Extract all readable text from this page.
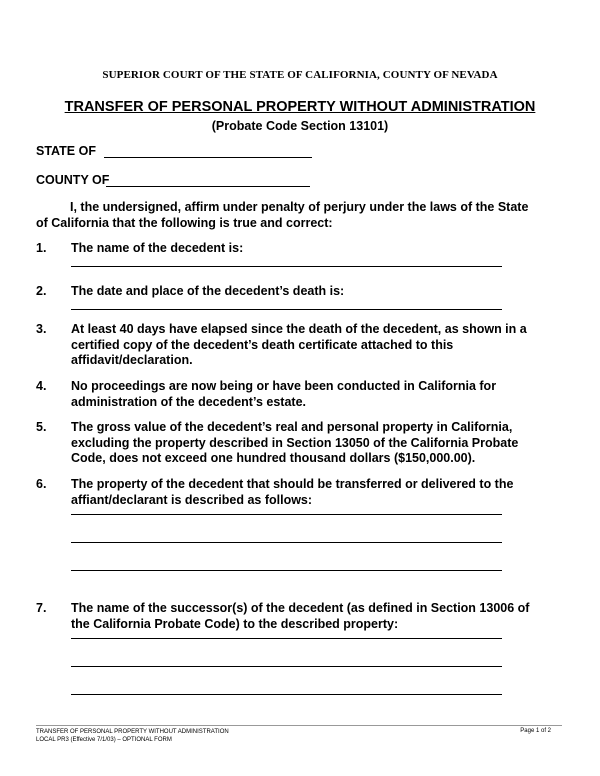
SUPERIOR COURT OF THE STATE OF CALIFORNIA, COUNTY OF NEVADA
TRANSFER OF PERSONAL PROPERTY WITHOUT ADMINISTRATION
(Probate Code Section 13101)
STATE OF
COUNTY OF
I, the undersigned, affirm under penalty of perjury under the laws of the State of California that the following is true and correct:
1. The name of the decedent is:
2. The date and place of the decedent’s death is:
3. At least 40 days have elapsed since the death of the decedent, as shown in a certified copy of the decedent’s death certificate attached to this affidavit/declaration.
4. No proceedings are now being or have been conducted in California for administration of the decedent’s estate.
5. The gross value of the decedent’s real and personal property in California, excluding the property described in Section 13050 of the California Probate Code, does not exceed one hundred thousand dollars ($150,000.00).
6. The property of the decedent that should be transferred or delivered to the affiant/declarant is described as follows:
7. The name of the successor(s) of the decedent (as defined in Section 13006 of the California Probate Code) to the described property:
TRANSFER OF PERSONAL PROPERTY WITHOUT ADMINISTRATION
LOCAL PR3 (Effective 7/1/03) – OPTIONAL FORM
Page 1 of 2
